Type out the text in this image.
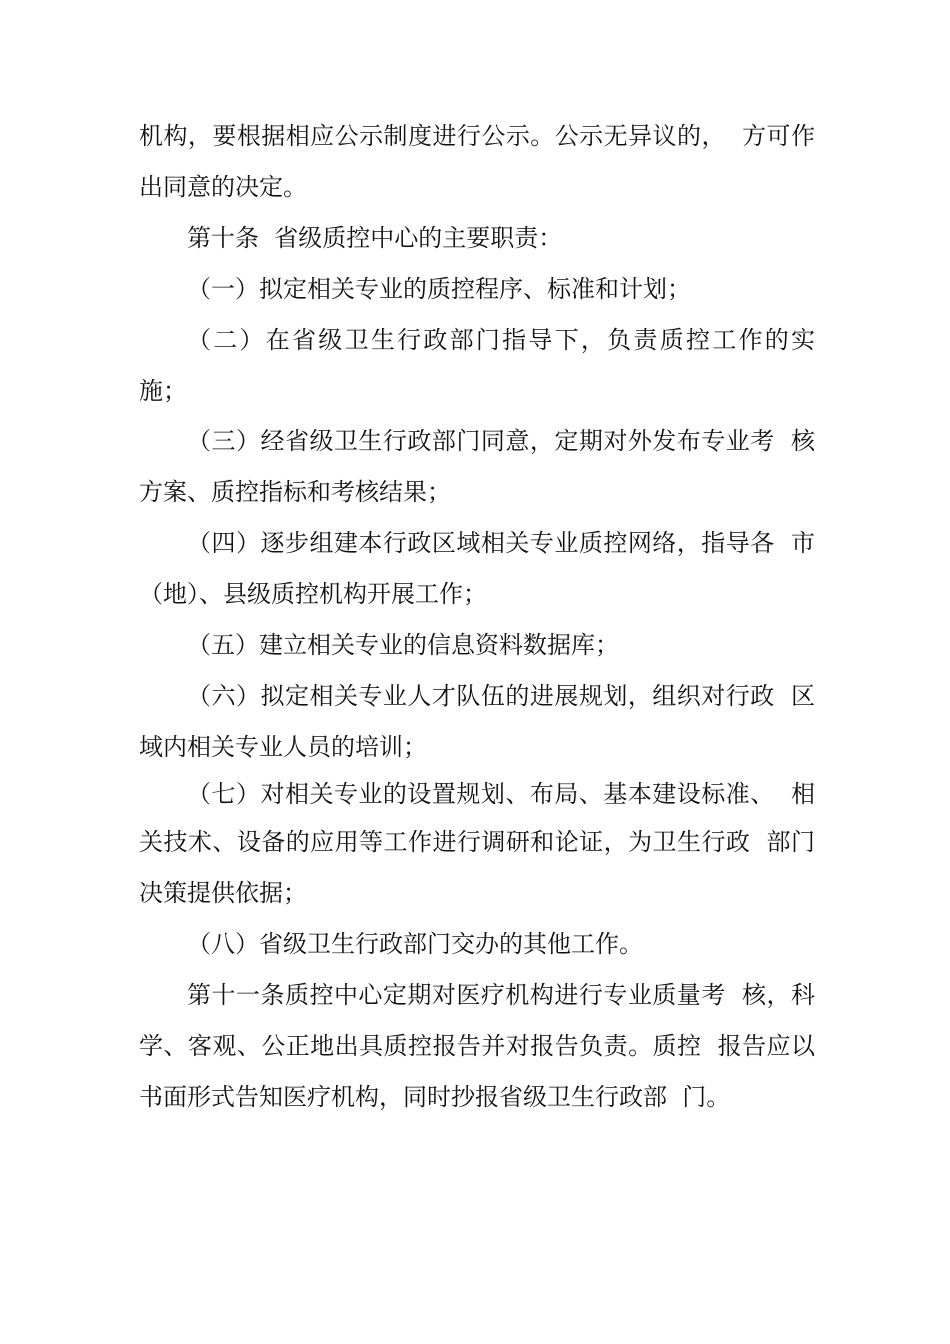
机构，要根据相应公示制度进行公示。公示无异议的，  方可作
出同意的决定。
第十条  省级质控中心的主要职责：
（一）拟定相关专业的质控程序、标准和计划；
（二）在省级卫生行政部门指导下，负责质控工作的实
施；
（三）经省级卫生行政部门同意，定期对外发布专业考  核
方案、质控指标和考核结果；
（四）逐步组建本行政区域相关专业质控网络，指导各  市
（地）、县级质控机构开展工作；
（五）建立相关专业的信息资料数据库；
（六）拟定相关专业人才队伍的进展规划，组织对行政  区
域内相关专业人员的培训；
（七）对相关专业的设置规划、布局、基本建设标准、  相
关技术、设备的应用等工作进行调研和论证，为卫生行政  部门
决策提供依据；
（八）省级卫生行政部门交办的其他工作。
第十一条质控中心定期对医疗机构进行专业质量考  核，科
学、客观、公正地出具质控报告并对报告负责。质控  报告应以
书面形式告知医疗机构，同时抄报省级卫生行政部  门。
